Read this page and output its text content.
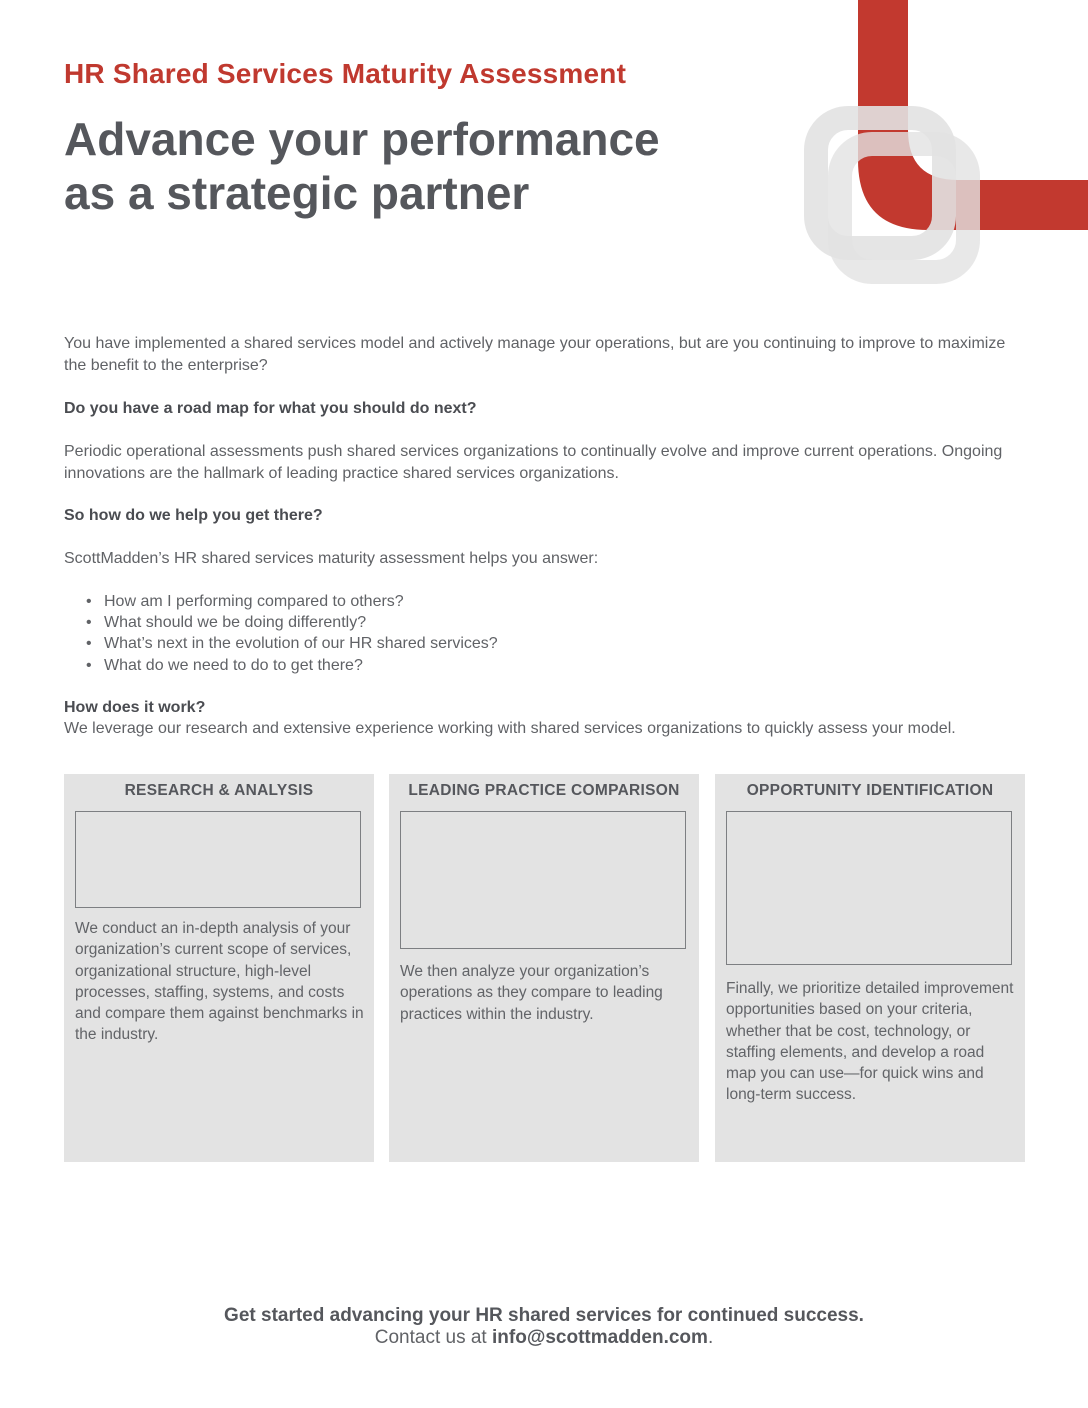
HR Shared Services Maturity Assessment
Advance your performance
as a strategic partner

You have implemented a shared services model and actively manage your operations, but are you continuing to improve to maximize the benefit to the enterprise?

Do you have a road map for what you should do next?

Periodic operational assessments push shared services organizations to continually evolve and improve current operations. Ongoing innovations are the hallmark of leading practice shared services organizations.

So how do we help you get there?

ScottMadden’s HR shared services maturity assessment helps you answer:

• How am I performing compared to others?
• What should we be doing differently?
• What’s next in the evolution of our HR shared services?
• What do we need to do to get there?

How does it work?

We leverage our research and extensive experience working with shared services organizations to quickly assess your model.

RESEARCH & ANALYSIS

We conduct an in-depth analysis of your organization’s current scope of services, organizational structure, high-level processes, staffing, systems, and costs and compare them against benchmarks in the industry.

LEADING PRACTICE COMPARISON

We then analyze your organization’s operations as they compare to leading practices within the industry.

OPPORTUNITY IDENTIFICATION

Finally, we prioritize detailed improvement opportunities based on your criteria, whether that be cost, technology, or staffing elements, and develop a road map you can use—for quick wins and long-term success.

Get started advancing your HR shared services for continued success.

Contact us at info@scottmadden.com.
